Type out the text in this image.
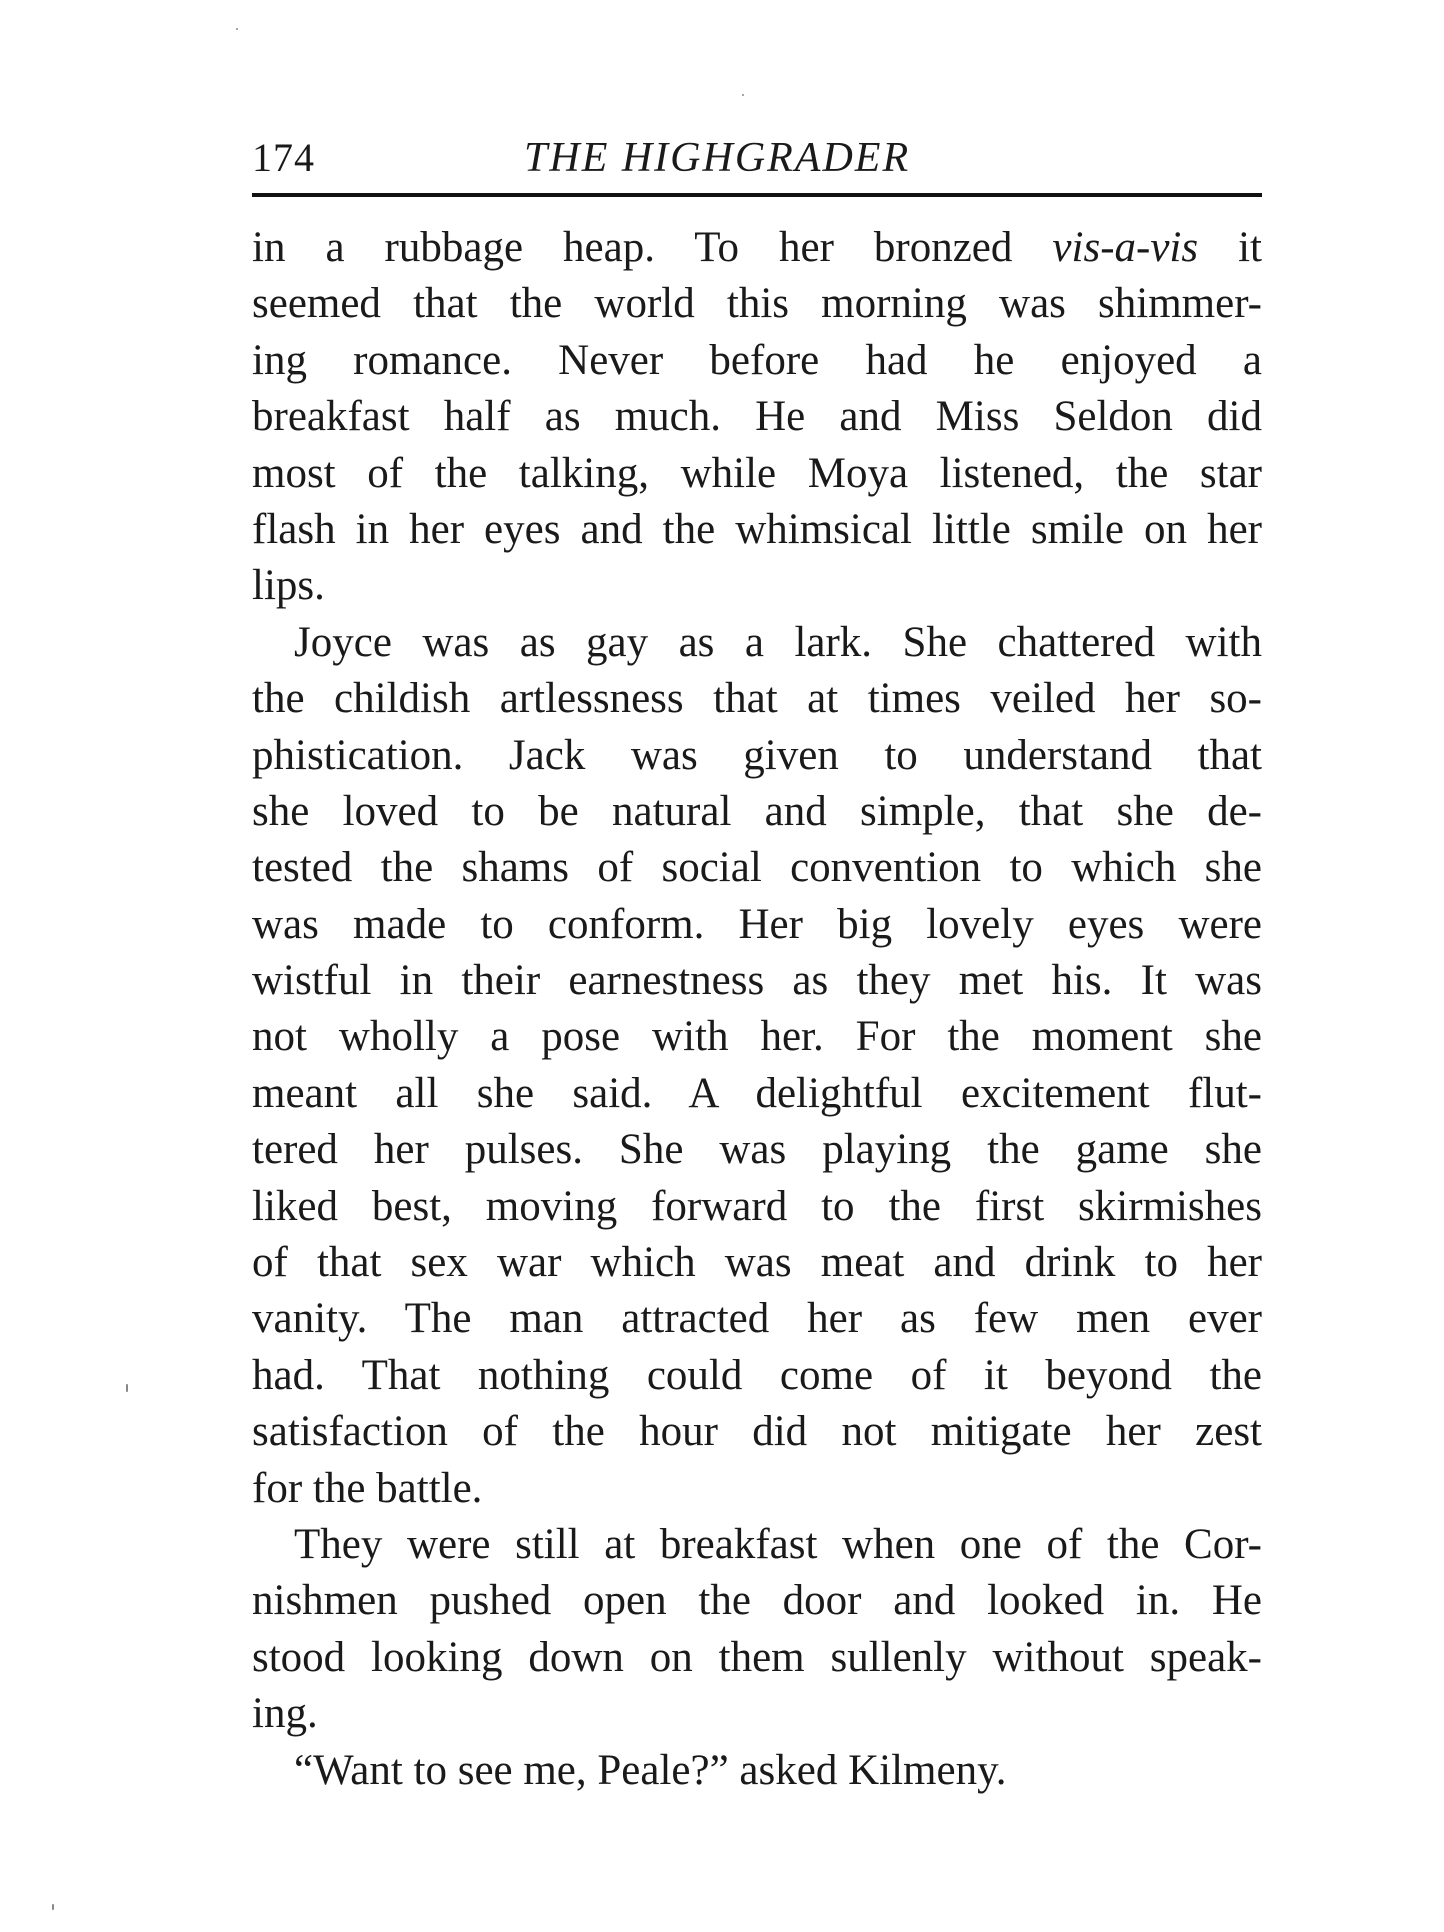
174	THE HIGHGRADER
in a rubbage heap. To her bronzed vis-a-vis it
seemed that the world this morning was shimmer-
ing romance. Never before had he enjoyed a
breakfast half as much. He and Miss Seldon did
most of the talking, while Moya listened, the star
flash in her eyes and the whimsical little smile on her
lips.
Joyce was as gay as a lark. She chattered with
the childish artlessness that at times veiled her so-
phistication. Jack was given to understand that
she loved to be natural and simple, that she de-
tested the shams of social convention to which she
was made to conform. Her big lovely eyes were
wistful in their earnestness as they met his. It was
not wholly a pose with her. For the moment she
meant all she said. A delightful excitement flut-
tered her pulses. She was playing the game she
liked best, moving forward to the first skirmishes
of that sex war which was meat and drink to her
vanity. The man attracted her as few men ever
had. That nothing could come of it beyond the
satisfaction of the hour did not mitigate her zest
for the battle.
They were still at breakfast when one of the Cor-
nishmen pushed open the door and looked in. He
stood looking down on them sullenly without speak-
ing.
“Want to see me, Peale?” asked Kilmeny.
